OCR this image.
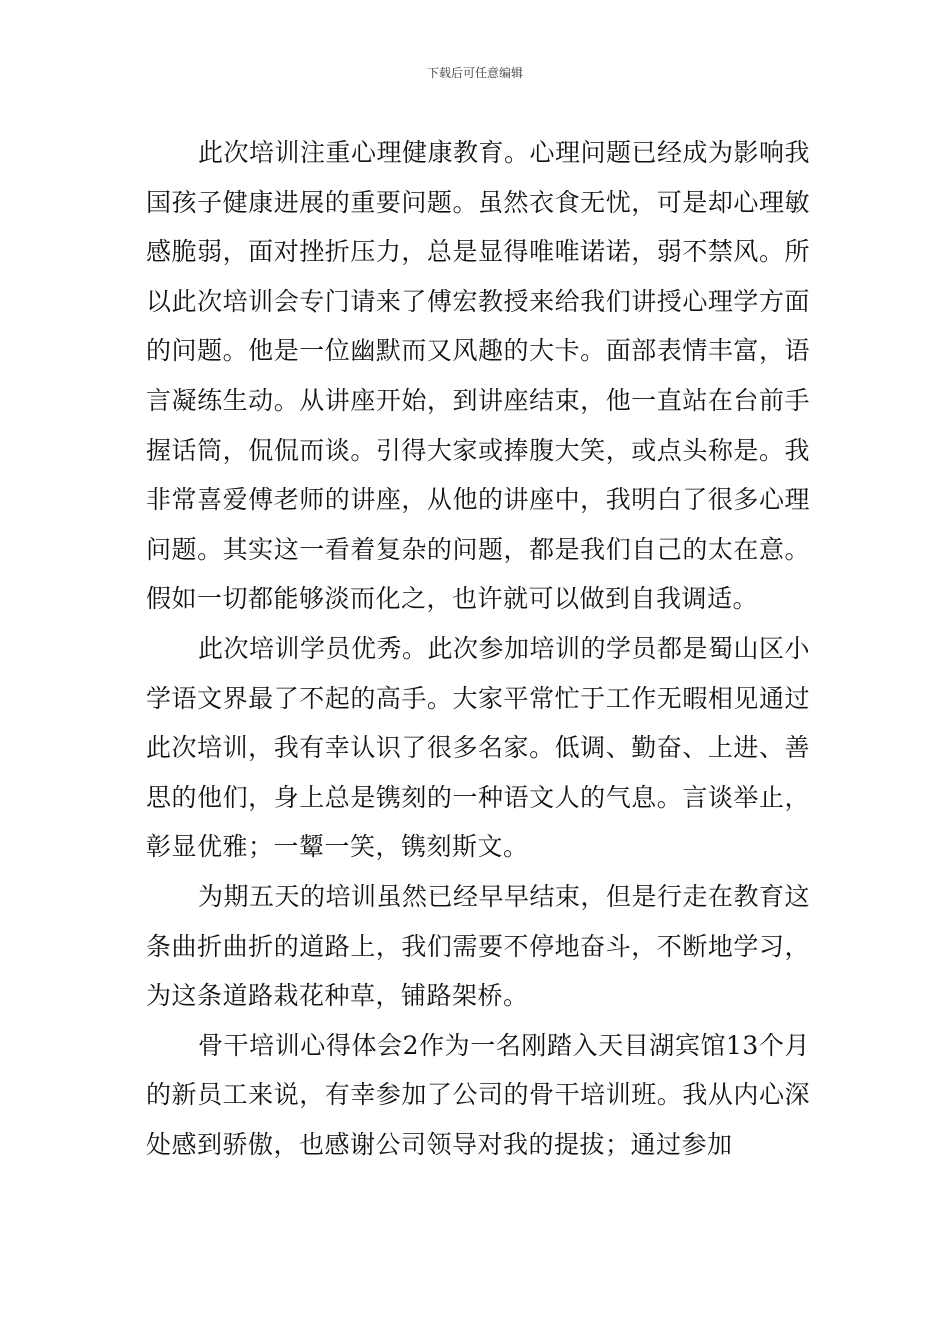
下载后可任意编辑

此次培训注重心理健康教育。心理问题已经成为影响我国孩子健康进展的重要问题。虽然衣食无忧，可是却心理敏感脆弱，面对挫折压力，总是显得唯唯诺诺，弱不禁风。所以此次培训会专门请来了傅宏教授来给我们讲授心理学方面的问题。他是一位幽默而又风趣的大卡。面部表情丰富，语言凝练生动。从讲座开始，到讲座结束，他一直站在台前手握话筒，侃侃而谈。引得大家或捧腹大笑，或点头称是。我非常喜爱傅老师的讲座，从他的讲座中，我明白了很多心理问题。其实这一看着复杂的问题，都是我们自己的太在意。假如一切都能够淡而化之，也许就可以做到自我调适。

此次培训学员优秀。此次参加培训的学员都是蜀山区小学语文界最了不起的高手。大家平常忙于工作无暇相见通过此次培训，我有幸认识了很多名家。低调、勤奋、上进、善思的他们，身上总是镌刻的一种语文人的气息。言谈举止，彰显优雅；一颦一笑，镌刻斯文。

为期五天的培训虽然已经早早结束，但是行走在教育这条曲折曲折的道路上，我们需要不停地奋斗，不断地学习，为这条道路栽花种草，铺路架桥。

骨干培训心得体会2作为一名刚踏入天目湖宾馆13个月的新员工来说，有幸参加了公司的骨干培训班。我从内心深处感到骄傲，也感谢公司领导对我的提拔；通过参加
